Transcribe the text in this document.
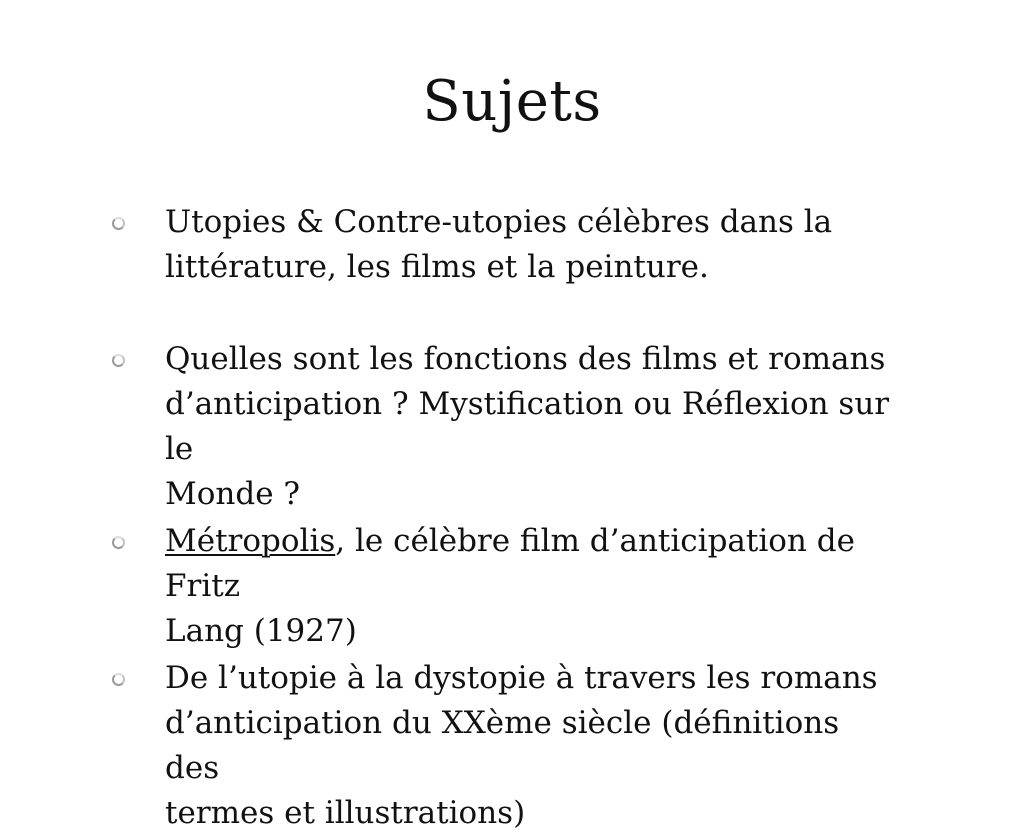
Sujets
Utopies & Contre-utopies célèbres dans la
littérature, les films et la peinture.
Quelles sont les fonctions des films et romans
d’anticipation ? Mystification ou Réflexion sur le
Monde ?
Métropolis, le célèbre film d’anticipation de Fritz
Lang (1927)
De l’utopie à la dystopie à travers les romans
d’anticipation du XXème siècle (définitions des
termes et illustrations)
